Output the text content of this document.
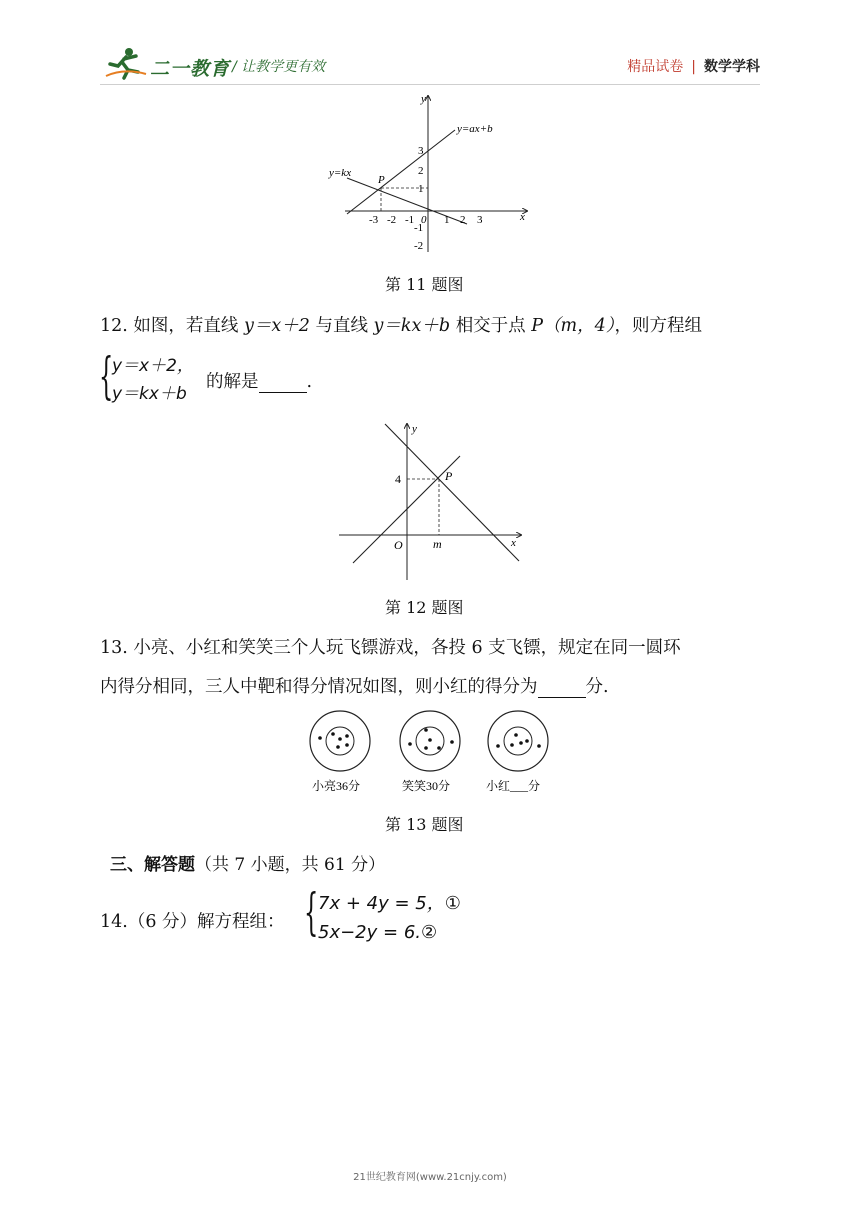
二一教育 / 让教学更有效	精品试卷 | 数学学科
x
y
y=ax+b
y=kx
P
3
2
1
-1
-2
-3 -2 -1 0 1 2 3
第 11 题图
12. 如图，若直线 y＝x＋2 与直线 y＝kx＋b 相交于点 P（m，4），则方程组
{
y＝x＋2，
y＝kx＋b
的解是	.
x
y
P
4
m
O
第 12 题图
13. 小亮、小红和笑笑三个人玩飞镖游戏，各投 6 支飞镖，规定在同一圆环
内得分相同，三人中靶和得分情况如图，则小红的得分为	分.
小亮36分	笑笑30分	小红___分
第 13 题图
三、解答题（共 7 小题，共 61 分）
14.（6 分）解方程组： { 7x + 4y = 5，①
5x−2y = 6.②
21世纪教育网(www.21cnjy.com)
